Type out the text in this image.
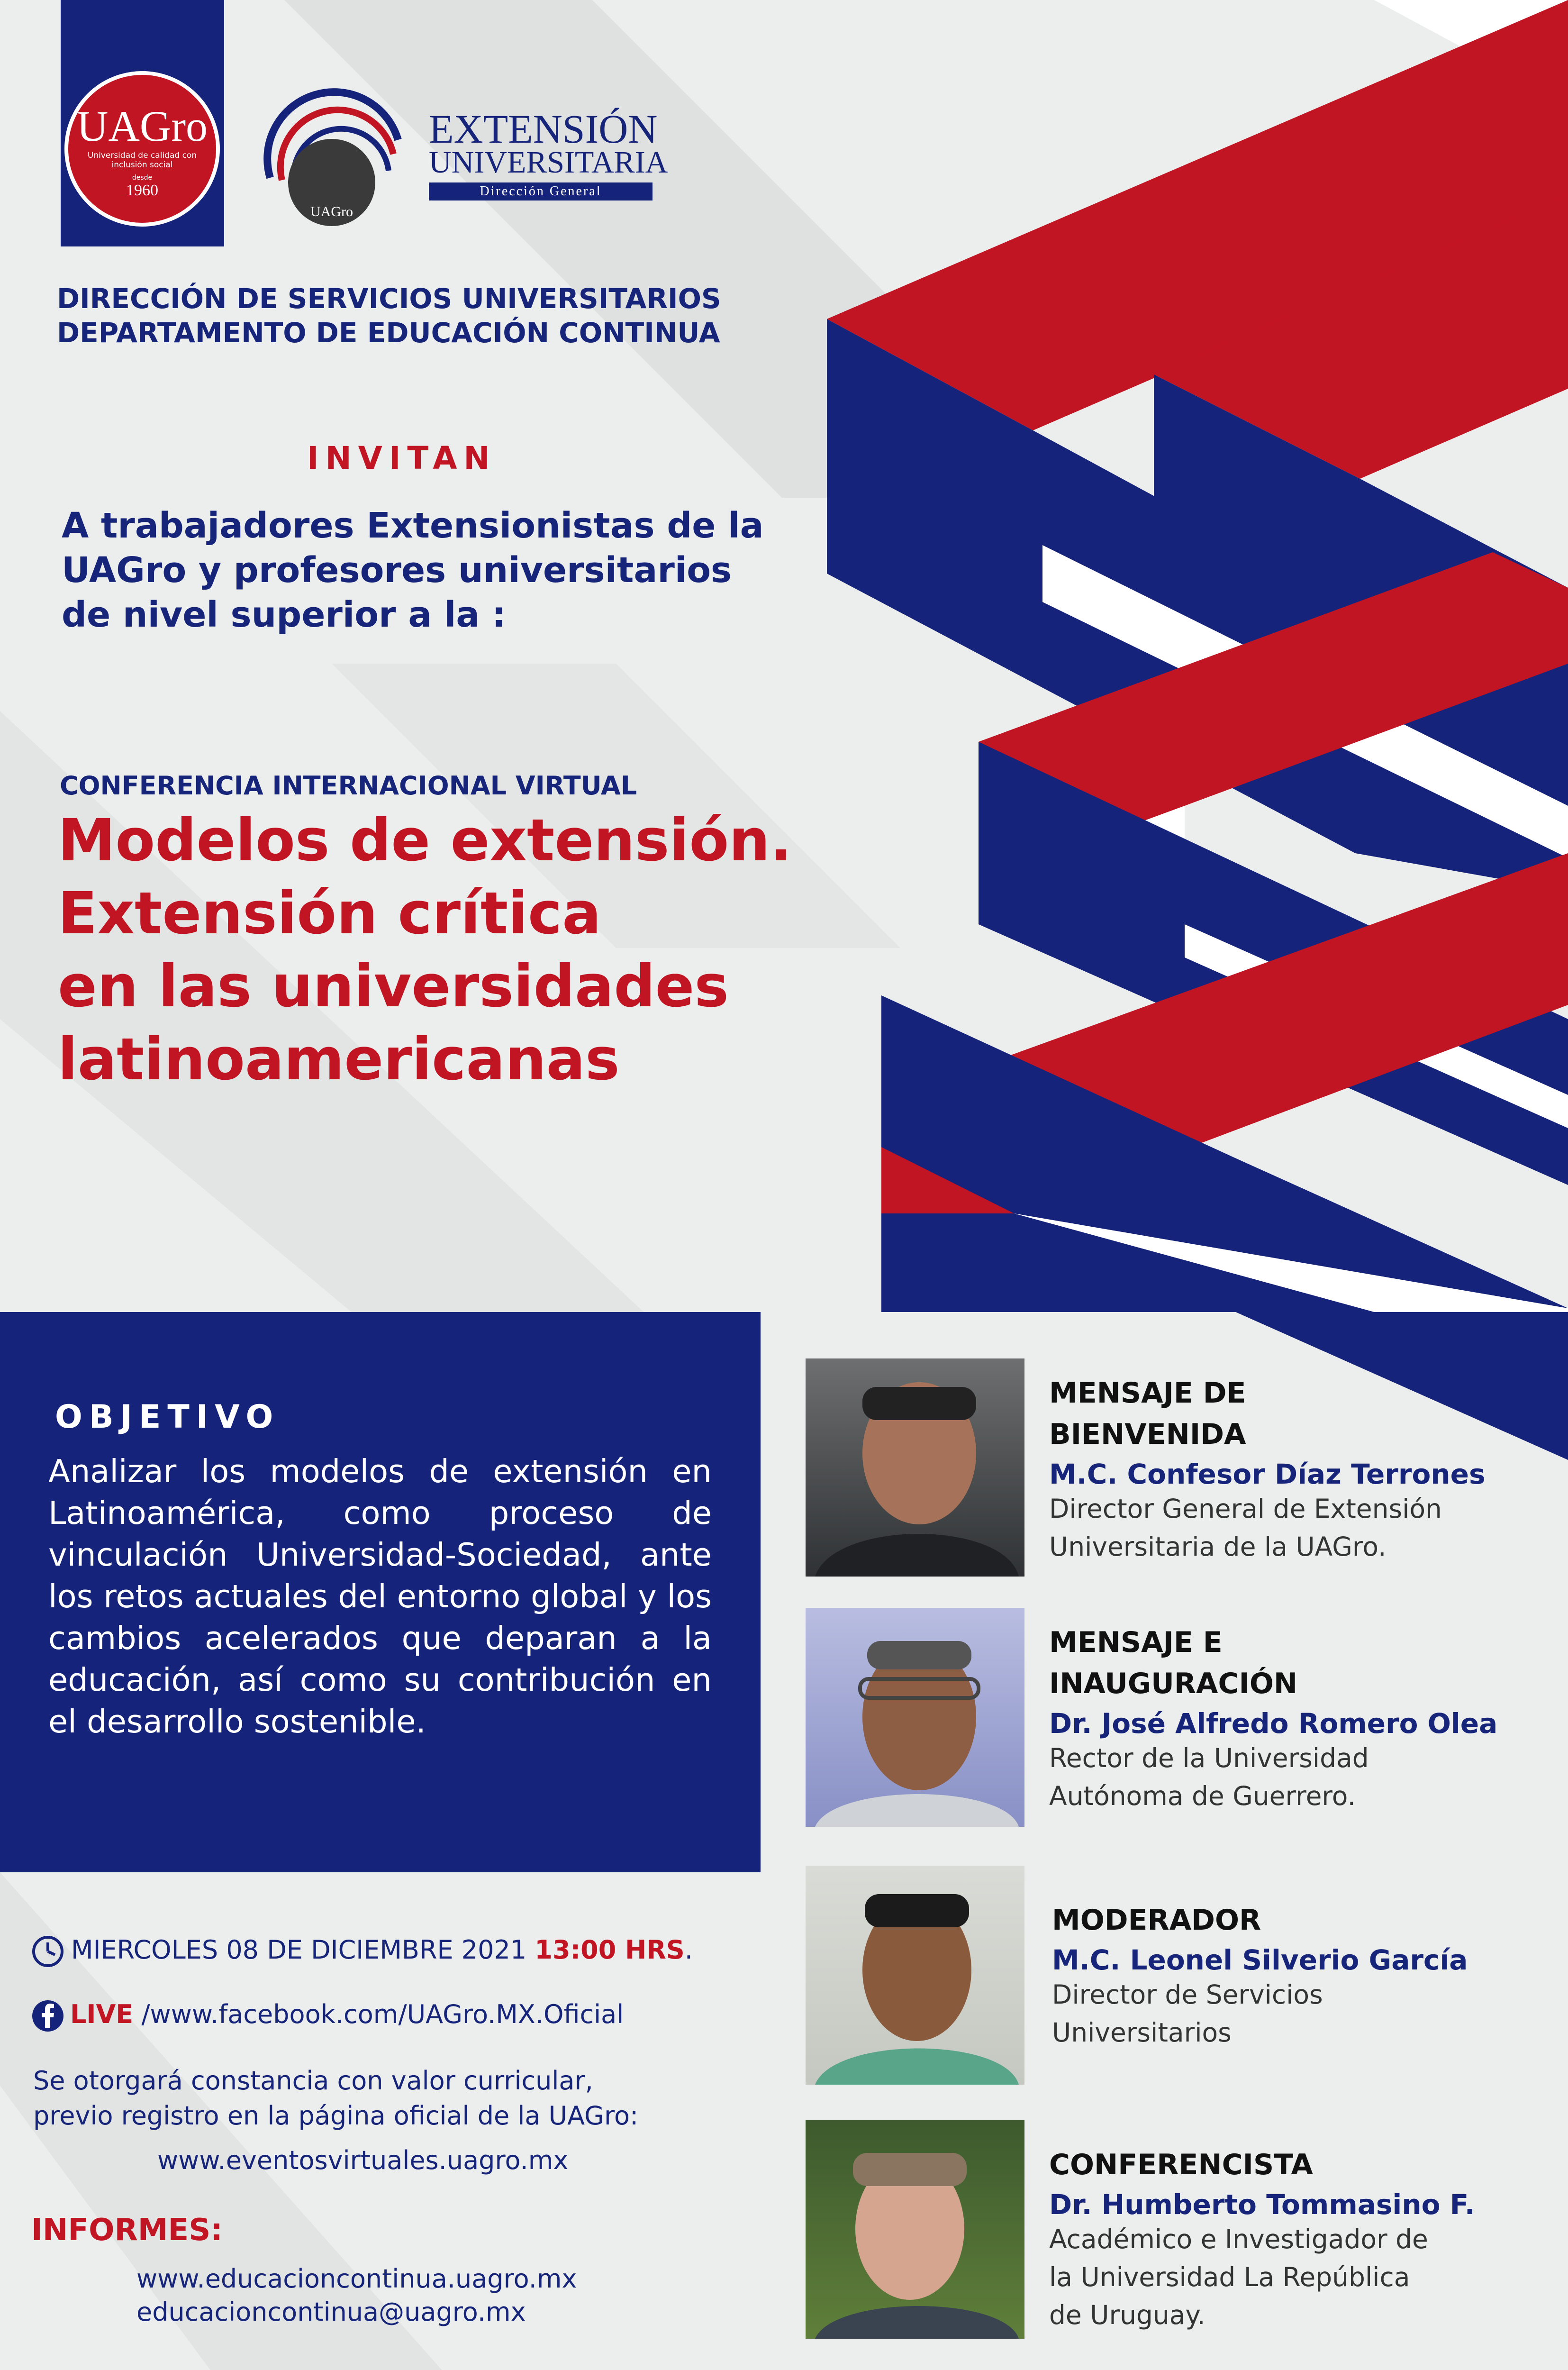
UAGro
Universidad de calidad con inclusión social
desde
1960
UAGro
EXTENSIÓN
UNIVERSITARIA
Dirección General
DIRECCIÓN DE SERVICIOS UNIVERSITARIOS
DEPARTAMENTO DE EDUCACIÓN CONTINUA
INVITAN
A trabajadores Extensionistas de la
UAGro y profesores universitarios
de nivel superior a la :
CONFERENCIA INTERNACIONAL VIRTUAL
Modelos de extensión.
Extensión crítica
en las universidades
latinoamericanas
OBJETIVO
Analizar los modelos de extensión en Latinoamérica, como proceso de vinculación Universidad-Sociedad, ante los retos actuales del entorno global y los cambios acelerados que deparan a la educación, así como su contribución en el desarrollo sostenible.
MIERCOLES 08 DE DICIEMBRE 2021 13:00 HRS.
LIVE /www.facebook.com/UAGro.MX.Oficial
Se otorgará constancia con valor curricular,
previo registro en la página oficial de la UAGro:
www.eventosvirtuales.uagro.mx
INFORMES:
www.educacioncontinua.uagro.mx
educacioncontinua@uagro.mx
MENSAJE DE
BIENVENIDA
M.C. Confesor Díaz Terrones
Director General de Extensión
Universitaria de la UAGro.
MENSAJE E
INAUGURACIÓN
Dr. José Alfredo Romero Olea
Rector de la Universidad
Autónoma de Guerrero.
MODERADOR
M.C. Leonel Silverio García
Director de Servicios
Universitarios
CONFERENCISTA
Dr. Humberto Tommasino F.
Académico e Investigador de
la Universidad La República
de Uruguay.
